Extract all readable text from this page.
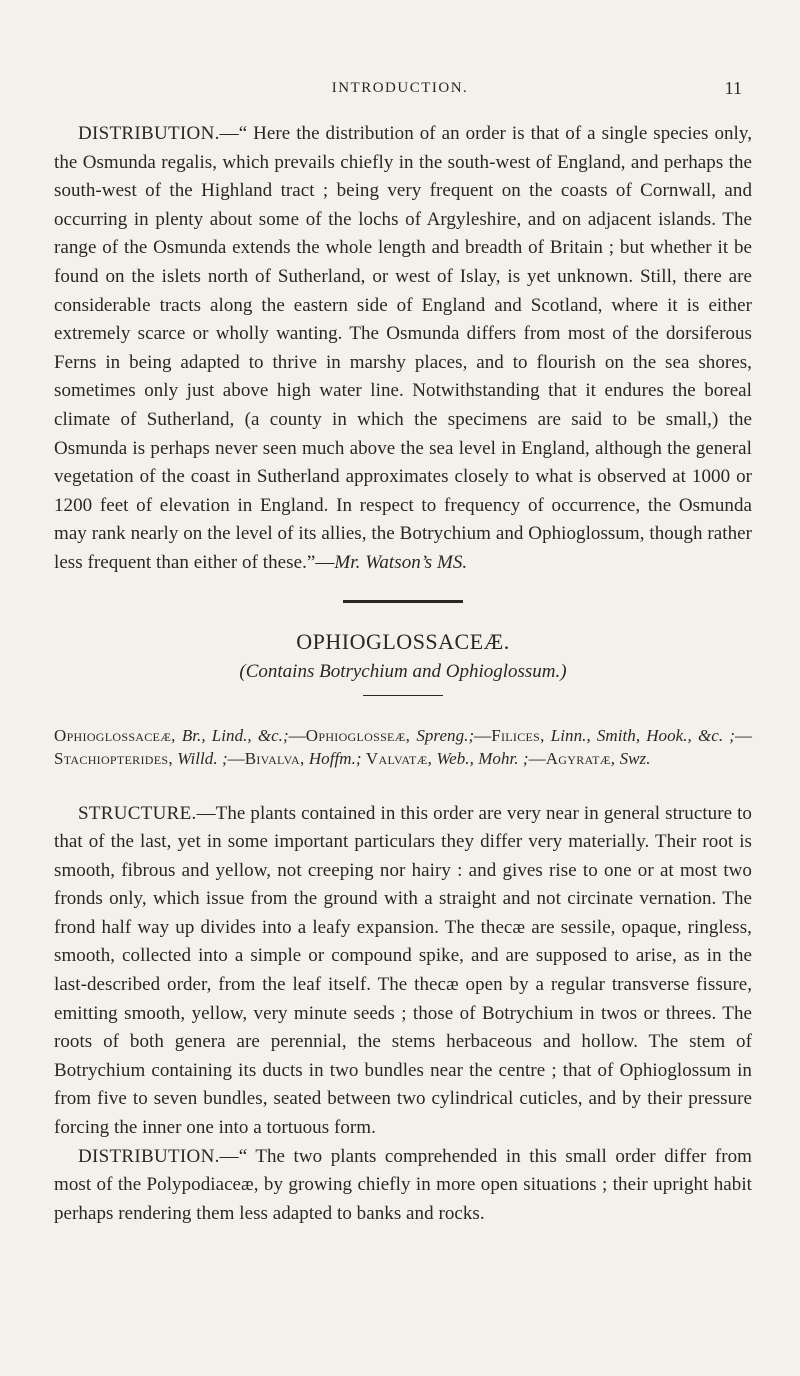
INTRODUCTION.	11

DISTRIBUTION.—“ Here the distribution of an order is that of a single species only, the Osmunda regalis, which prevails chiefly in the south-west of England, and perhaps the south-west of the Highland tract ; being very frequent on the coasts of Cornwall, and occurring in plenty about some of the lochs of Argyleshire, and on adjacent islands. The range of the Osmunda extends the whole length and breadth of Britain ; but whether it be found on the islets north of Sutherland, or west of Islay, is yet unknown. Still, there are considerable tracts along the eastern side of England and Scotland, where it is either extremely scarce or wholly wanting. The Osmunda differs from most of the dorsiferous Ferns in being adapted to thrive in marshy places, and to flourish on the sea shores, sometimes only just above high water line. Notwithstanding that it endures the boreal climate of Sutherland, (a county in which the specimens are said to be small,) the Osmunda is perhaps never seen much above the sea level in England, although the general vegetation of the coast in Sutherland approximates closely to what is observed at 1000 or 1200 feet of elevation in England. In respect to frequency of occurrence, the Osmunda may rank nearly on the level of its allies, the Botrychium and Ophioglossum, though rather less frequent than either of these.”—Mr. Watson’s MS.

OPHIOGLOSSACEÆ.
(Contains Botrychium and Ophioglossum.)

Ophioglossaceæ, Br., Lind., &c.;—Ophioglosseæ, Spreng.;—Filices, Linn., Smith, Hook., &c. ;—Stachiopterides, Willd. ;—Bivalva, Hoffm.; Valvatæ, Web., Mohr. ;—Agyratæ, Swz.

STRUCTURE.—The plants contained in this order are very near in general structure to that of the last, yet in some important particulars they differ very materially. Their root is smooth, fibrous and yellow, not creeping nor hairy : and gives rise to one or at most two fronds only, which issue from the ground with a straight and not circinate vernation. The frond half way up divides into a leafy expansion. The thecæ are sessile, opaque, ringless, smooth, collected into a simple or compound spike, and are supposed to arise, as in the last-described order, from the leaf itself. The thecæ open by a regular transverse fissure, emitting smooth, yellow, very minute seeds ; those of Botrychium in twos or threes. The roots of both genera are perennial, the stems herbaceous and hollow. The stem of Botrychium containing its ducts in two bundles near the centre ; that of Ophioglossum in from five to seven bundles, seated between two cylindrical cuticles, and by their pressure forcing the inner one into a tortuous form.

DISTRIBUTION.—“ The two plants comprehended in this small order differ from most of the Polypodiaceæ, by growing chiefly in more open situations ; their upright habit perhaps rendering them less adapted to banks and rocks.
